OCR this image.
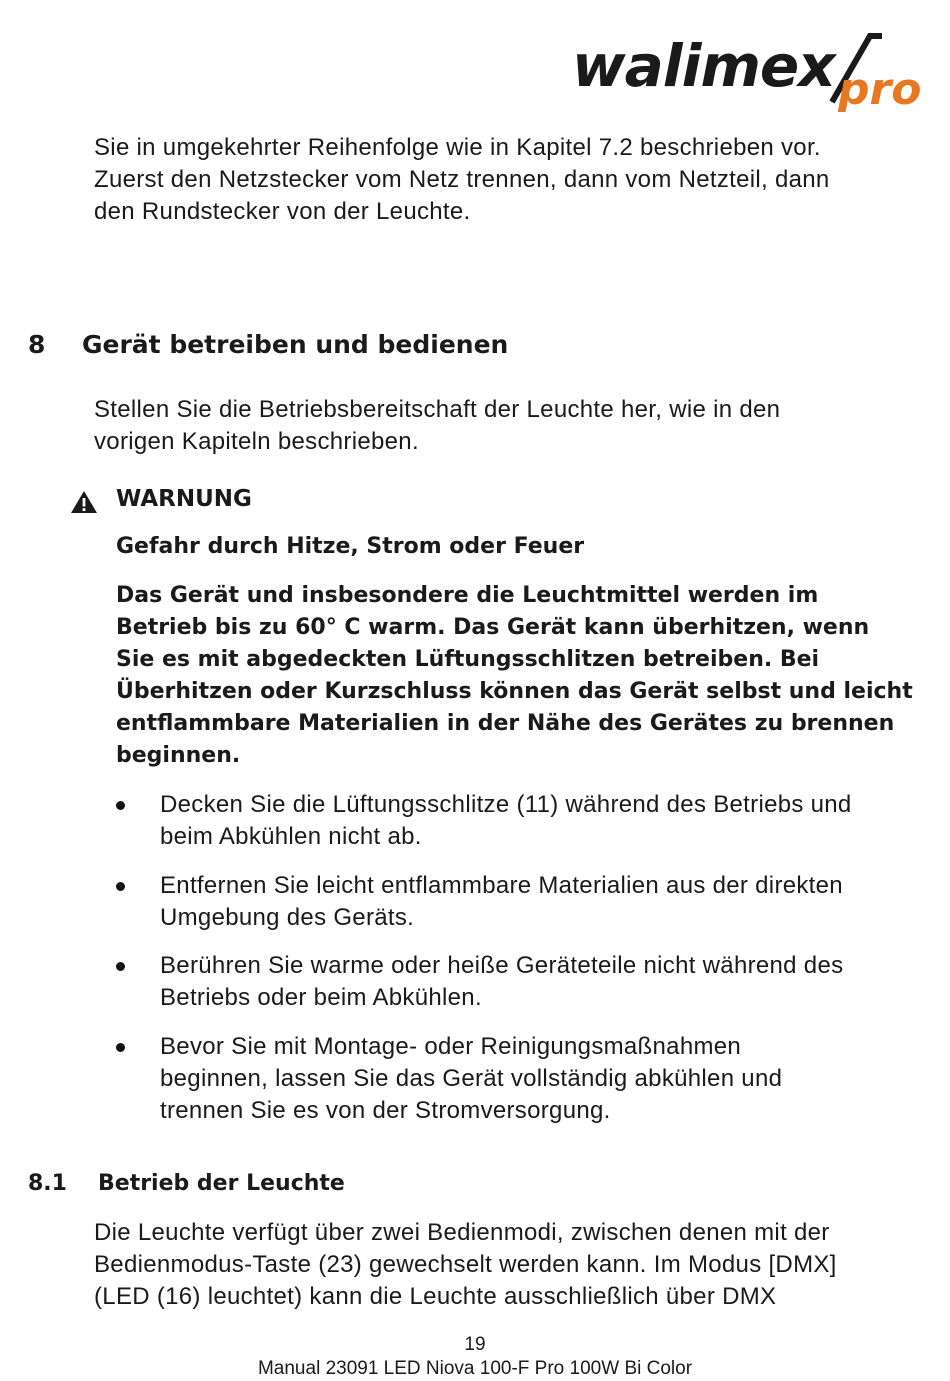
walimex pro
Sie in umgekehrter Reihenfolge wie in Kapitel 7.2 beschrieben vor.
Zuerst den Netzstecker vom Netz trennen, dann vom Netzteil, dann
den Rundstecker von der Leuchte.
8 Gerät betreiben und bedienen
Stellen Sie die Betriebsbereitschaft der Leuchte her, wie in den
vorigen Kapiteln beschrieben.
WARNUNG
Gefahr durch Hitze, Strom oder Feuer
Das Gerät und insbesondere die Leuchtmittel werden im
Betrieb bis zu 60° C warm. Das Gerät kann überhitzen, wenn
Sie es mit abgedeckten Lüftungsschlitzen betreiben. Bei
Überhitzen oder Kurzschluss können das Gerät selbst und leicht
entflammbare Materialien in der Nähe des Gerätes zu brennen
beginnen.
Decken Sie die Lüftungsschlitze (11) während des Betriebs und
beim Abkühlen nicht ab.
Entfernen Sie leicht entflammbare Materialien aus der direkten
Umgebung des Geräts.
Berühren Sie warme oder heiße Geräteteile nicht während des
Betriebs oder beim Abkühlen.
Bevor Sie mit Montage- oder Reinigungsmaßnahmen
beginnen, lassen Sie das Gerät vollständig abkühlen und
trennen Sie es von der Stromversorgung.
8.1 Betrieb der Leuchte
Die Leuchte verfügt über zwei Bedienmodi, zwischen denen mit der
Bedienmodus-Taste (23) gewechselt werden kann. Im Modus [DMX]
(LED (16) leuchtet) kann die Leuchte ausschließlich über DMX
19
Manual 23091 LED Niova 100-F Pro 100W Bi Color
